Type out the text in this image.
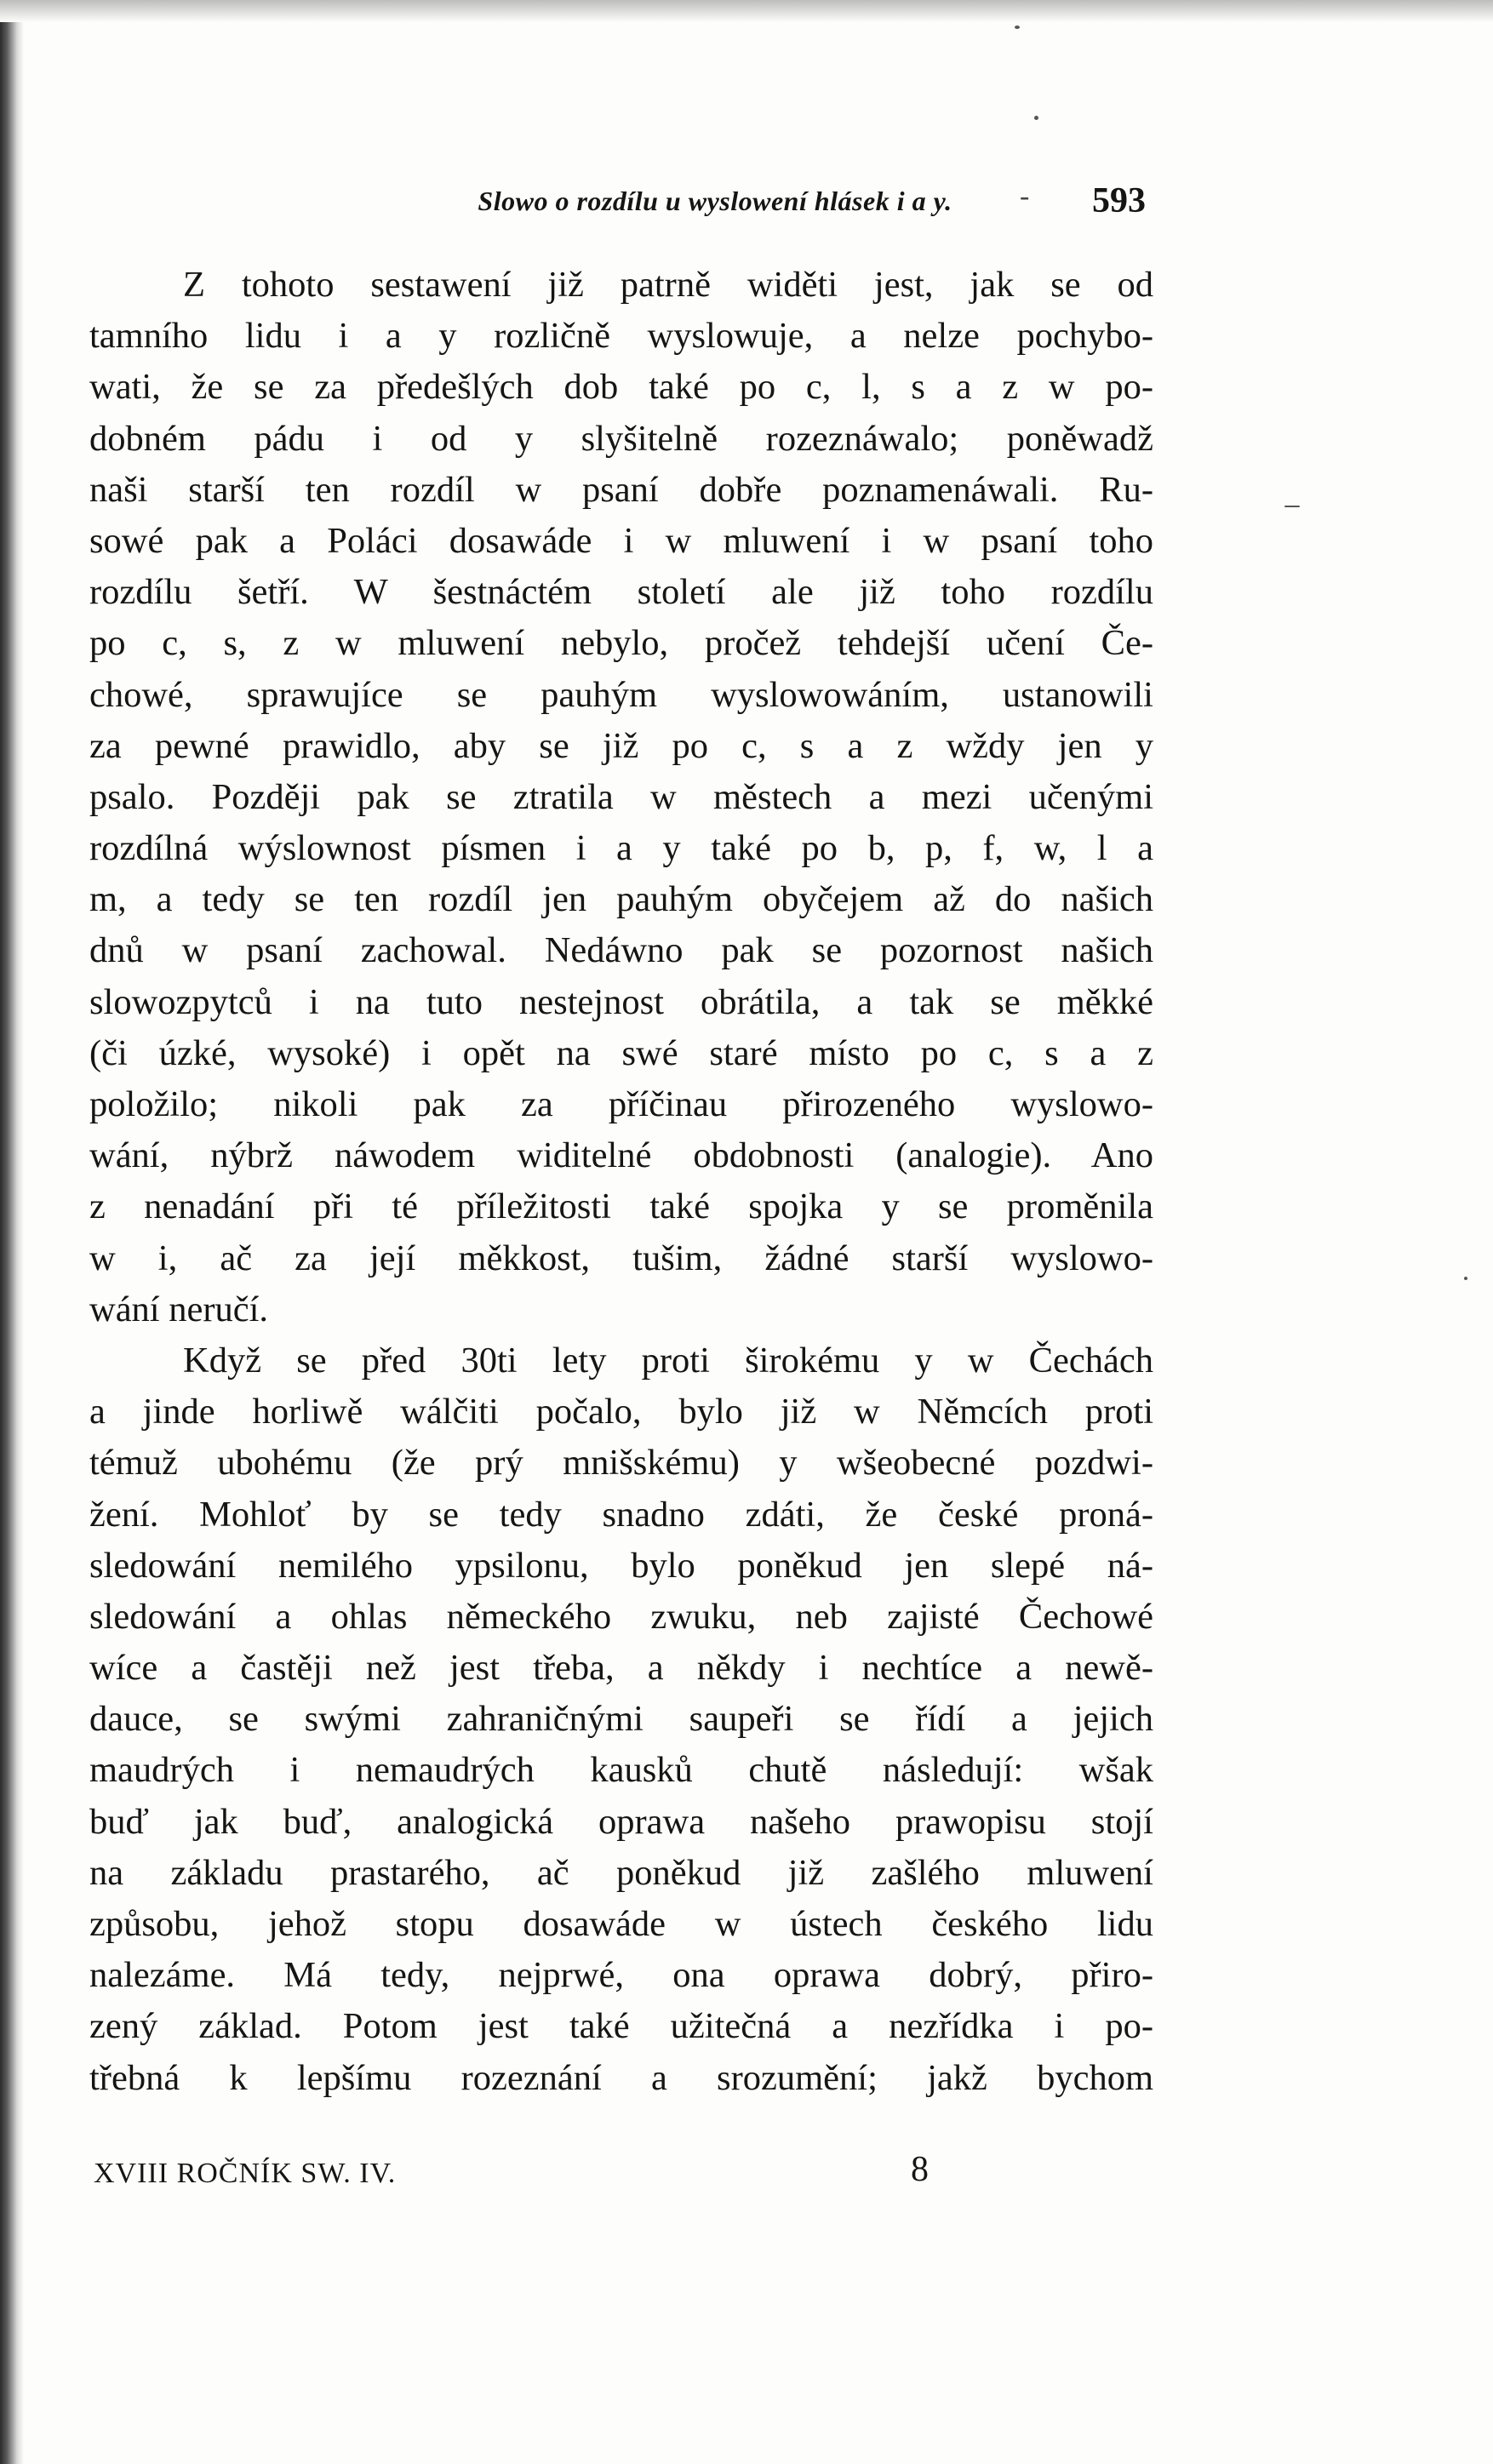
Slowo o rozdílu u wyslowení hlásek i a y.	-	593
Z tohoto sestawení již patrně widěti jest, jak se od
tamního lidu i a y rozličně wyslowuje, a nelze pochybo-
wati, že se za předešlých dob také po c, l, s a z w po-
dobném pádu i od y slyšitelně rozeznáwalo; poněwadž
naši starší ten rozdíl w psaní dobře poznamenáwali. Ru-
sowé pak a Poláci dosawáde i w mluwení i w psaní toho
rozdílu šetří. W šestnáctém století ale již toho rozdílu
po c, s, z w mluwení nebylo, pročež tehdejší učení Če-
chowé, sprawujíce se pauhým wyslowowáním, ustanowili
za pewné prawidlo, aby se již po c, s a z wždy jen y
psalo. Později pak se ztratila w městech a mezi učenými
rozdílná wýslownost písmen i a y také po b, p, f, w, l a
m, a tedy se ten rozdíl jen pauhým obyčejem až do našich
dnů w psaní zachowal. Nedáwno pak se pozornost našich
slowozpytců i na tuto nestejnost obrátila, a tak se měkké
(či úzké, wysoké) i opět na swé staré místo po c, s a z
položilo; nikoli pak za příčinau přirozeného wyslowo-
wání, nýbrž náwodem widitelné obdobnosti (analogie). Ano
z nenadání při té příležitosti také spojka y se proměnila
w i, ač za její měkkost, tušim, žádné starší wyslowo-
wání neručí.
Když se před 30ti lety proti širokému y w Čechách
a jinde horliwě wálčiti počalo, bylo již w Němcích proti
témuž ubohému (že prý mnišskému) y wšeobecné pozdwi-
žení. Mohloť by se tedy snadno zdáti, že české proná-
sledowání nemilého ypsilonu, bylo poněkud jen slepé ná-
sledowání a ohlas německého zwuku, neb zajisté Čechowé
wíce a častěji než jest třeba, a někdy i nechtíce a newě-
dauce, se swými zahraničnými saupeři se řídí a jejich
maudrých i nemaudrých kausků chutě následují: wšak
buď jak buď, analogická oprawa našeho prawopisu stojí
na základu prastarého, ač poněkud již zašlého mluwení
způsobu, jehož stopu dosawáde w ústech českého lidu
nalezáme. Má tedy, nejprwé, ona oprawa dobrý, přiro-
zený základ. Potom jest také užitečná a nezřídka i po-
třebná k lepšímu rozeznání a srozumění; jakž bychom
XVIII ROČNÍK SW. IV.	8
